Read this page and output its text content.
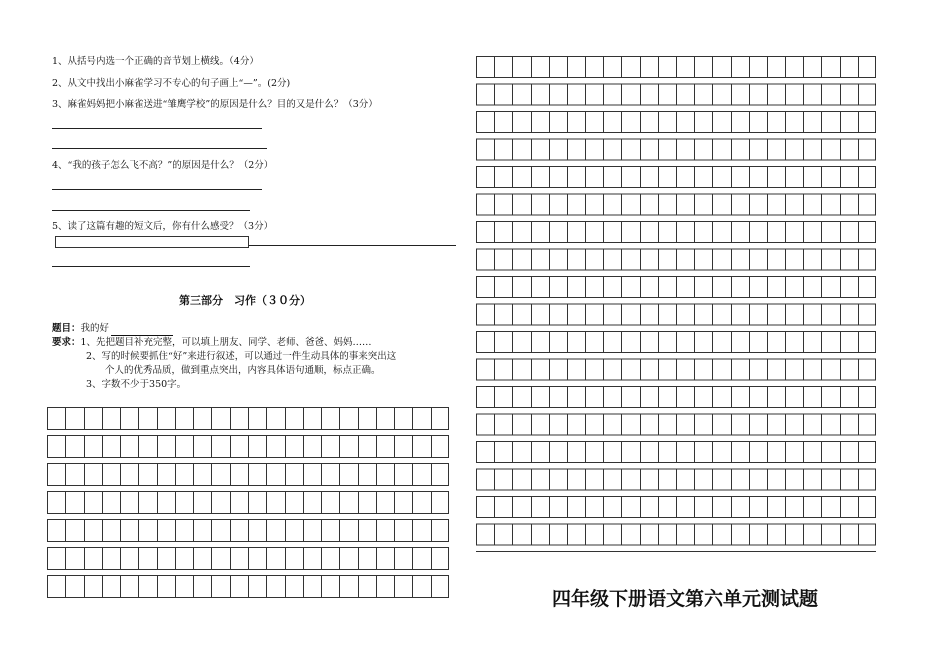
1、从括号内选一个正确的音节划上横线。（4分）
2、从文中找出小麻雀学习不专心的句子画上“—”。(2分)
3、麻雀妈妈把小麻雀送进“雏鹰学校”的原因是什么？目的又是什么？（3分）
4、“我的孩子怎么飞不高？”的原因是什么？（2分）
5、读了这篇有趣的短文后，你有什么感受？（3分）
第三部分　习作（３０分）
题目：我的好
要求：1、先把题目补充完整，可以填上朋友、同学、老师、爸爸、妈妈……
2、写的时候要抓住“好”来进行叙述，可以通过一件生动具体的事来突出这
个人的优秀品质，做到重点突出，内容具体语句通顺，标点正确。
3、字数不少于350字。
四年级下册语文第六单元测试题
